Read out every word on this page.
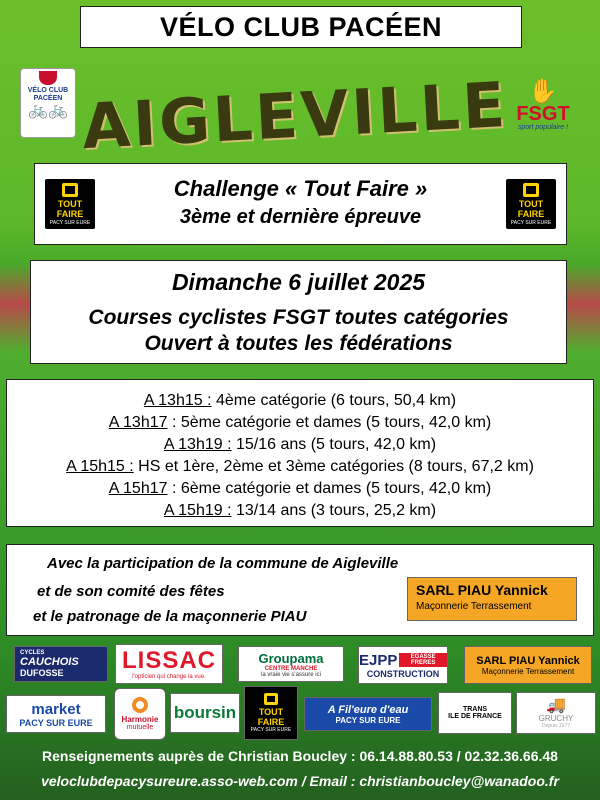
VÉLO CLUB PACÉEN
VÉLO CLUB PACÉEN
🚲🚲 AIGLEVILLE ✋
FSGT
sport populaire !
TOUT FAIRE
PACY SUR EURE
Challenge « Tout Faire »
3ème et dernière épreuve
TOUT FAIRE
PACY SUR EURE
Dimanche 6 juillet 2025
Courses cyclistes FSGT toutes catégories
Ouvert à toutes les fédérations
A 13h15 : 4ème catégorie (6 tours, 50,4 km)
A 13h17 : 5ème catégorie et dames (5 tours, 42,0 km)
A 13h19 : 15/16 ans (5 tours, 42,0 km)
A 15h15 : HS et 1ère, 2ème et 3ème catégories (8 tours, 67,2 km)
A 15h17 : 6ème catégorie et dames (5 tours, 42,0 km)
A 15h19 : 13/14 ans (3 tours, 25,2 km)
Avec la participation de la commune de Aigleville
et de son comité des fêtes
et le patronage de la maçonnerie PIAU
SARL PIAU Yannick
Maçonnerie Terrassement
CYCLES
CAUCHOIS
DUFOSSE LISSAC
l'opticien qui change la vue.
Groupama
CENTRE MANCHE
la vraie vie s'assure ici
EJPP	EGASSE FRERES
CONSTRUCTION
SARL PIAU Yannick
Maçonnerie Terrassement
market
PACY SUR EURE	Harmonie
mutuelle
boursin	TOUT FAIRE
PACY SUR EURE
A Fil'eure d'eau
PACY SUR EURE
TRANS
ILE DE FRANCE
🚚
GRUCHY
Depuis 1977
Renseignements auprès de Christian Boucley : 06.14.88.80.53 / 02.32.36.66.48
veloclubdepacysureure.asso-web.com / Email : christianboucley@wanadoo.fr
